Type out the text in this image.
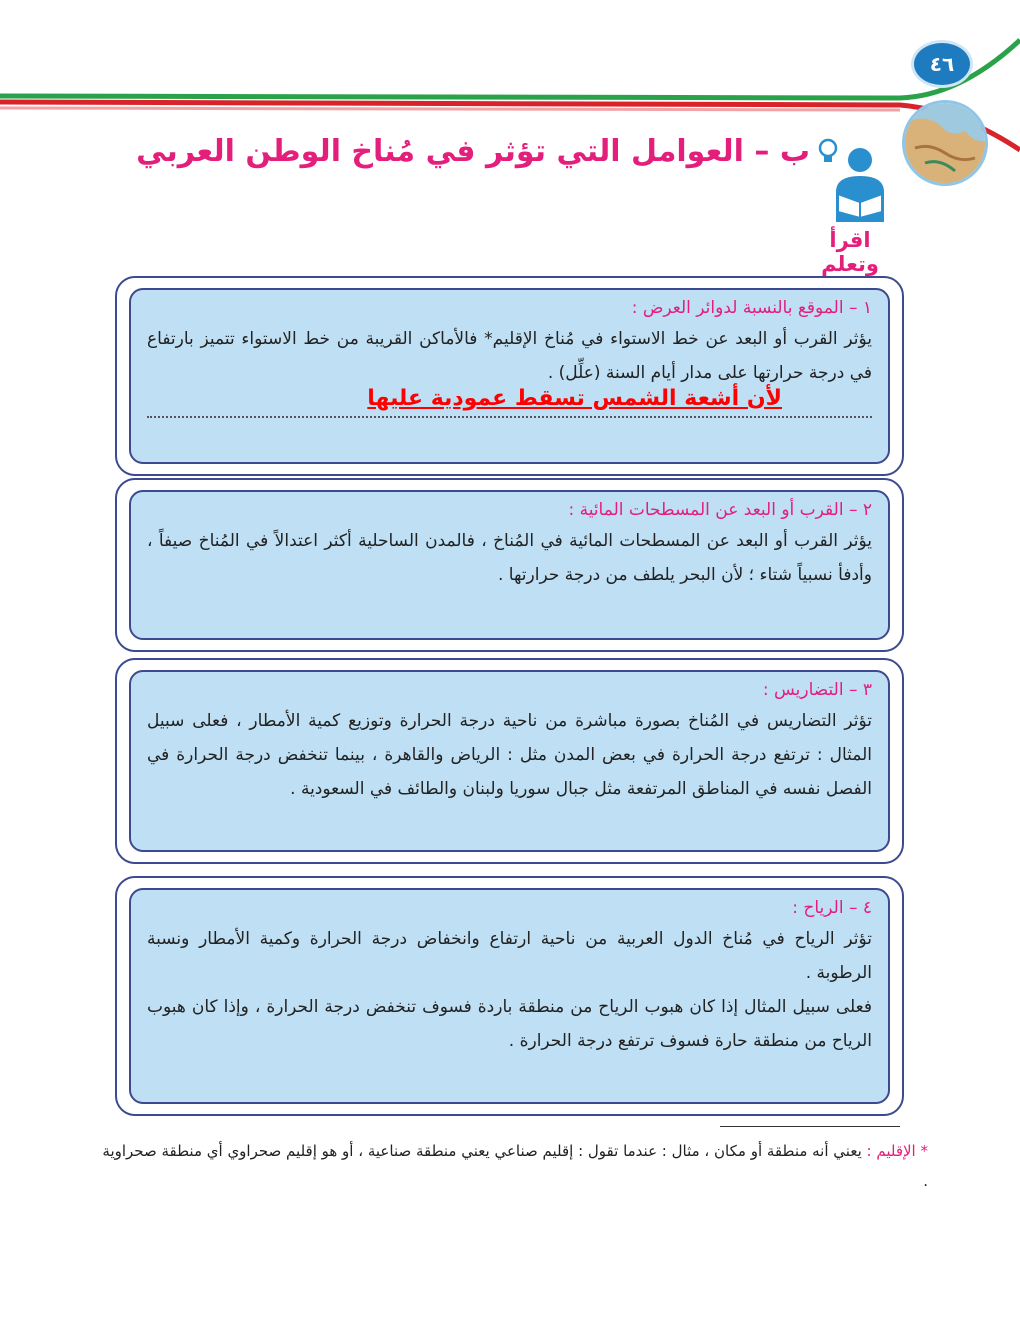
٤٦
ب – العوامل التي تؤثر في مُناخ الوطن العربي
اقرأ وتعلم
١ – الموقع بالنسبة لدوائر العرض :
يؤثر القرب أو البعد عن خط الاستواء في مُناخ الإقليم* فالأماكن القريبة من خط الاستواء تتميز بارتفاع في درجة حرارتها على مدار أيام السنة (علِّل) .
لأن أشعة الشمس تسقط عمودية عليها
٢ – القرب أو البعد عن المسطحات المائية :
يؤثر القرب أو البعد عن المسطحات المائية في المُناخ ، فالمدن الساحلية أكثر اعتدالاً في المُناخ صيفاً ، وأدفأ نسبياً شتاء ؛ لأن البحر يلطف من درجة حرارتها .
٣ – التضاريس :
تؤثر التضاريس في المُناخ بصورة مباشرة من ناحية درجة الحرارة وتوزيع كمية الأمطار ، فعلى سبيل المثال : ترتفع درجة الحرارة في بعض المدن مثل : الرياض والقاهرة ، بينما تنخفض درجة الحرارة في الفصل نفسه في المناطق المرتفعة مثل جبال سوريا ولبنان والطائف في السعودية .
٤ – الرياح :
تؤثر الرياح في مُناخ الدول العربية من ناحية ارتفاع وانخفاض درجة الحرارة وكمية الأمطار ونسبة الرطوبة .
فعلى سبيل المثال إذا كان هبوب الرياح من منطقة باردة فسوف تنخفض درجة الحرارة ، وإذا كان هبوب الرياح من منطقة حارة فسوف ترتفع درجة الحرارة .
* الإقليم : يعني أنه منطقة أو مكان ، مثال : عندما تقول : إقليم صناعي يعني منطقة صناعية ، أو هو إقليم صحراوي أي منطقة صحراوية .
